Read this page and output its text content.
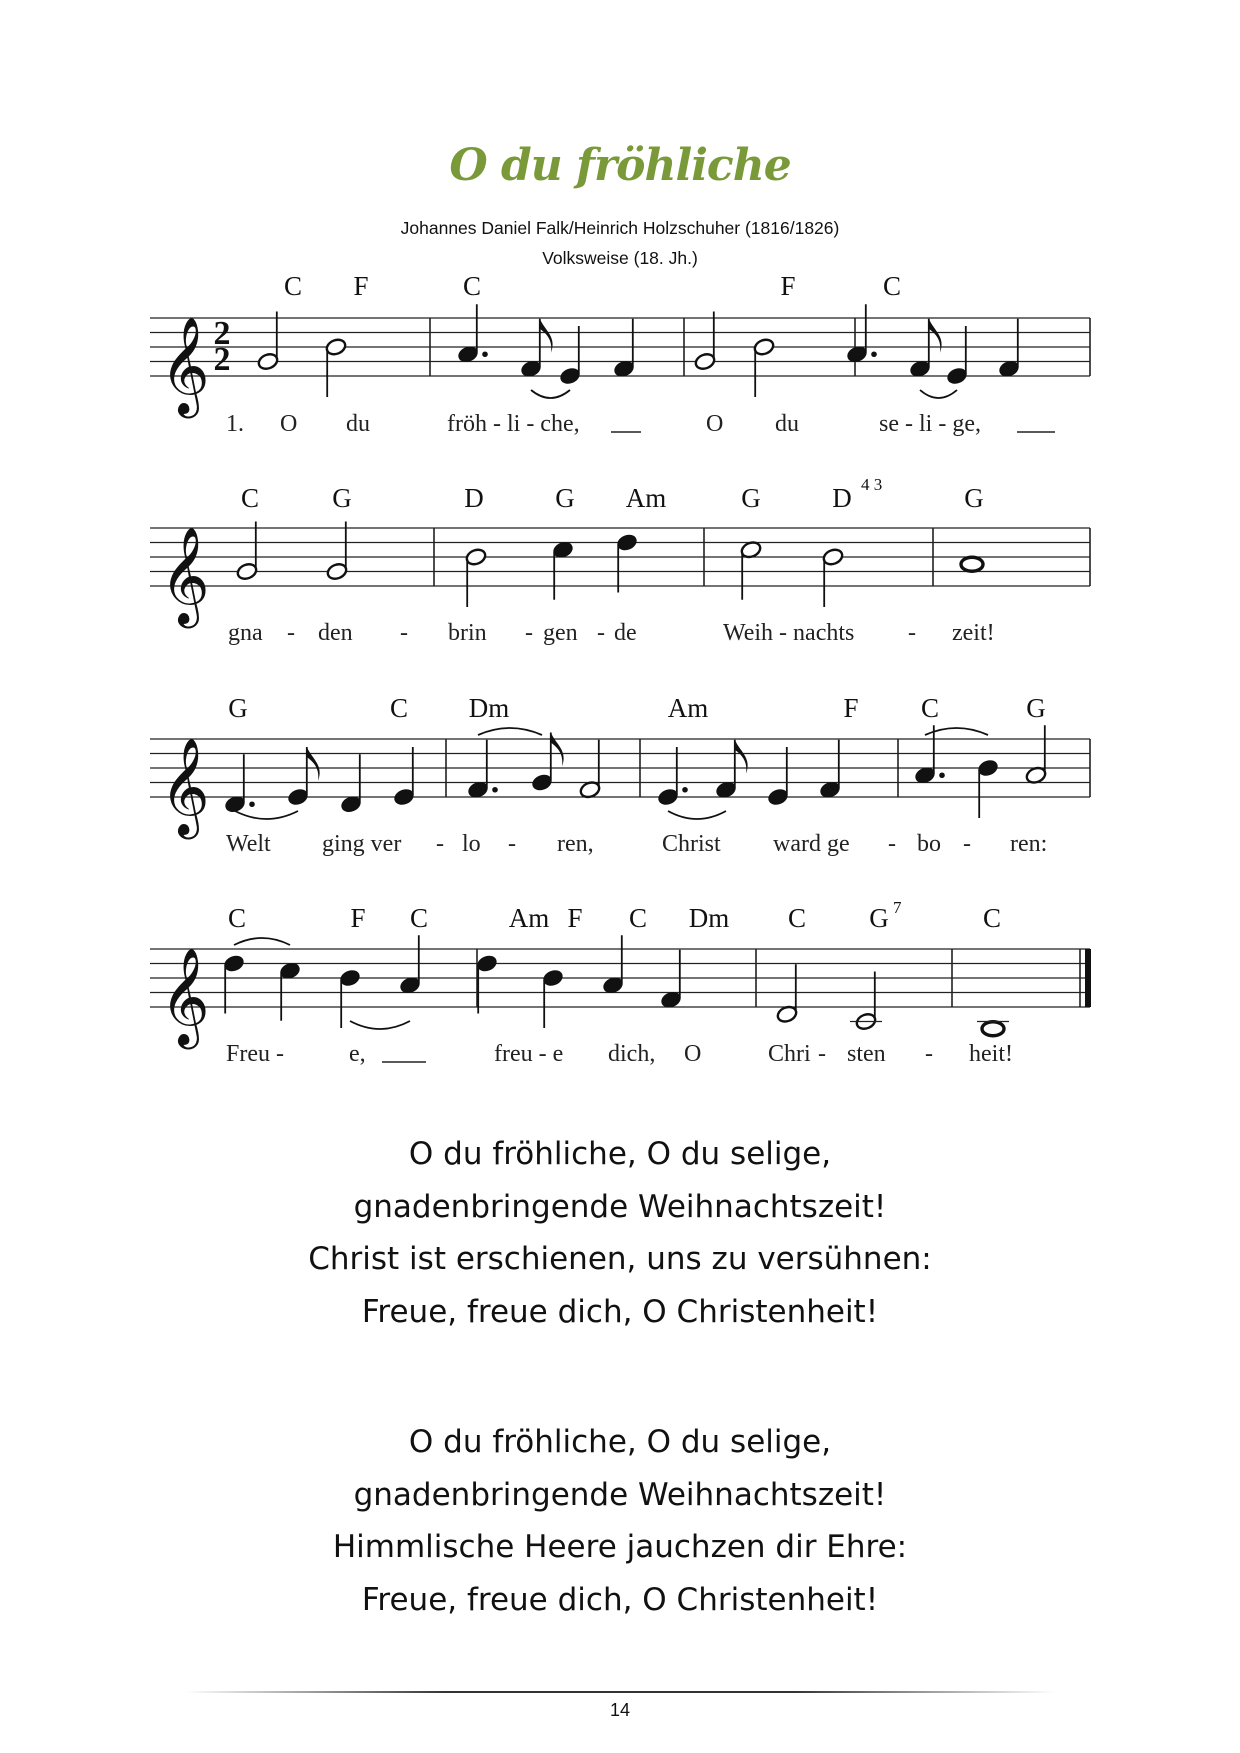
O du fröhliche
Johannes Daniel Falk/Heinrich Holzschuher (1816/1826)
Volksweise (18. Jh.)
𝄞
𝄞
𝄞
𝄞
2
2
C F	C	F	C
1. O du	fröh - li - che,	O du	se - li - ge,
C	G	D	G Am	G	D 4 3	G
gna - den - brin - gen - de	Weih - nachts - zeit!
G	C Dm	Am	F C	G
Welt ging ver - lo - ren,	Christ ward ge - bo - ren:
C	F C	Am F C Dm C G 7	C
Freu -	e,	freu - e dich, O	Chri - sten - heit!
O du fröhliche, O du selige,
gnadenbringende Weihnachtszeit!
Christ ist erschienen, uns zu versühnen:
Freue, freue dich, O Christenheit!
O du fröhliche, O du selige,
gnadenbringende Weihnachtszeit!
Himmlische Heere jauchzen dir Ehre:
Freue, freue dich, O Christenheit!
14
